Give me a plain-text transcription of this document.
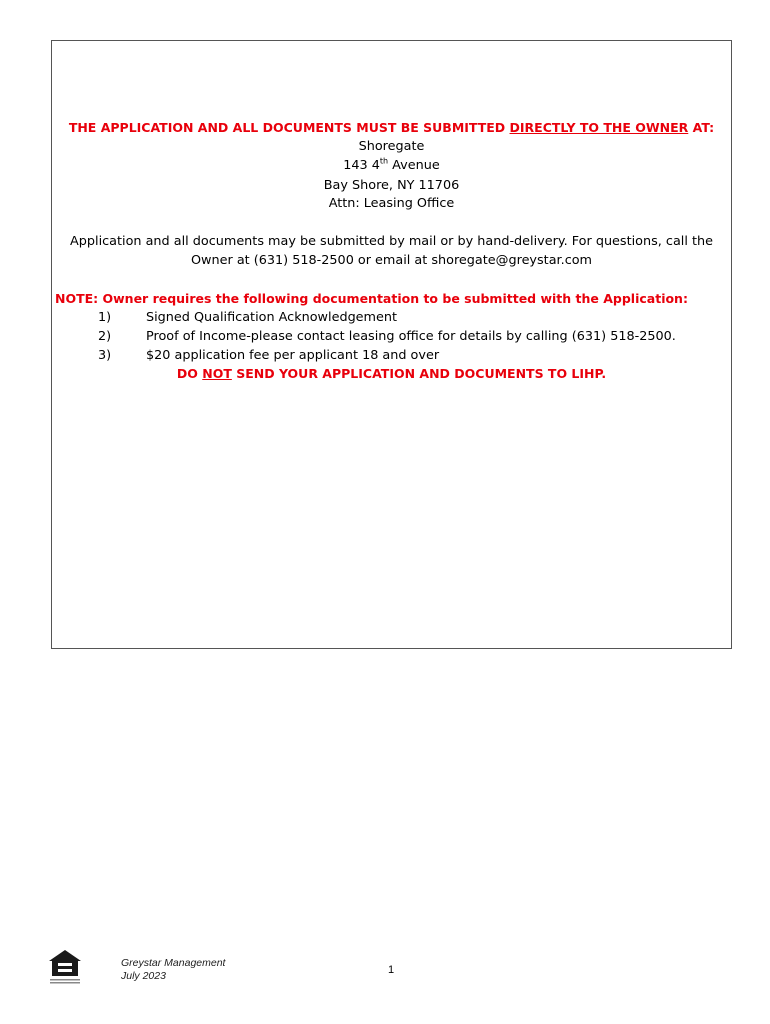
THE APPLICATION AND ALL DOCUMENTS MUST BE SUBMITTED DIRECTLY TO THE OWNER AT:
Shoregate
143 4th Avenue
Bay Shore, NY 11706
Attn: Leasing Office
Application and all documents may be submitted by mail or by hand-delivery. For questions, call the
Owner at (631) 518-2500 or email at shoregate@greystar.com
NOTE: Owner requires the following documentation to be submitted with the Application:
1)	Signed Qualification Acknowledgement
2)	Proof of Income-please contact leasing office for details by calling (631) 518-2500.
3)	$20 application fee per applicant 18 and over
DO NOT SEND YOUR APPLICATION AND DOCUMENTS TO LIHP.
Greystar Management
July 2023	1
